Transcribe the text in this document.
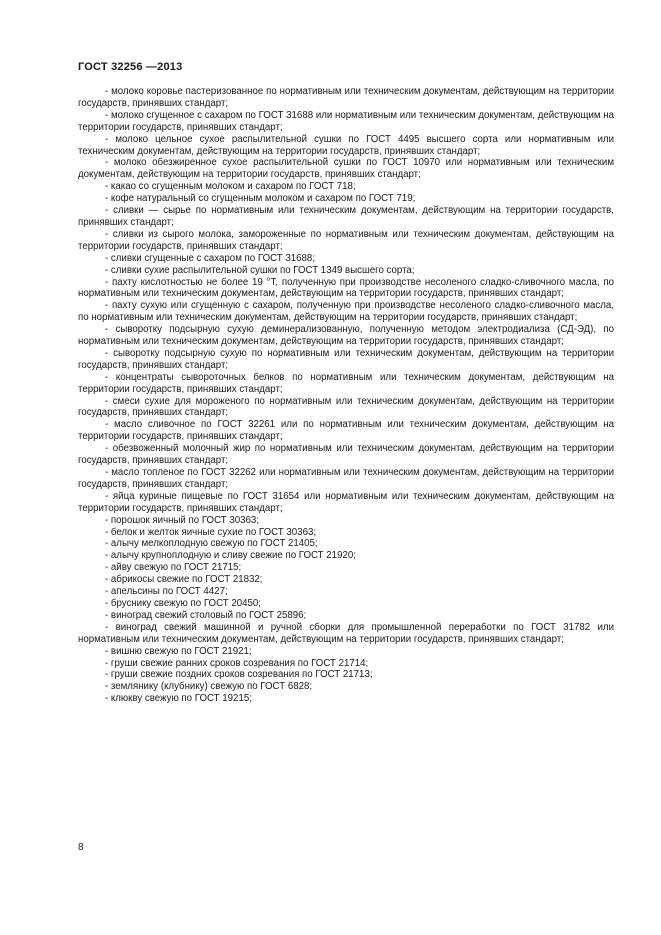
ГОСТ 32256 —2013

- молоко коровье пастеризованное по нормативным или техническим документам, действующим на территории государств, принявших стандарт;

- молоко сгущенное с сахаром по ГОСТ 31688 или нормативным или техническим документам, действующим на территории государств, принявших стандарт;

- молоко цельное сухое распылительной сушки по ГОСТ 4495 высшего сорта или нормативным или техническим документам, действующим на территории государств, принявших стандарт;

- молоко обезжиренное сухое распылительной сушки по ГОСТ 10970 или нормативным или техническим документам, действующим на территории государств, принявших стандарт;

- какао со сгущенным молоком и сахаром по ГОСТ 718;

- кофе натуральный со сгущенным молоком и сахаром по ГОСТ 719;

- сливки — сырье по нормативным или техническим документам, действующим на территории государств, принявших стандарт;

- сливки из сырого молока, замороженные по нормативным или техническим документам, действующим на территории государств, принявших стандарт;

- сливки сгущенные с сахаром по ГОСТ 31688;

- сливки сухие распылительной сушки по ГОСТ 1349 высшего сорта;

- пахту кислотностью не более 19 °Т, полученную при производстве несоленого сладко-сливочного масла, по нормативным или техническим документам, действующим на территории государств, принявших стандарт;

- пахту сухую или сгущенную с сахаром, полученную при производстве несоленого сладко-сливочного масла, по нормативным или техническим документам, действующим на территории государств, принявших стандарт;

- сыворотку подсырную сухую деминерализованную, полученную методом электродиализа (СД-ЭД), по нормативным или техническим документам, действующим на территории государств, принявших стандарт;

- сыворотку подсырную сухую по нормативным или техническим документам, действующим на территории государств, принявших стандарт;

- концентраты сывороточных белков по нормативным или техническим документам, действующим на территории государств, принявших стандарт;

- смеси сухие для мороженого по нормативным или техническим документам, действующим на территории государств, принявших стандарт;

- масло сливочное по ГОСТ 32261 или по нормативным или техническим документам, действующим на территории государств, принявших стандарт;

- обезвоженный молочный жир по нормативным или техническим документам, действующим на территории государств, принявших стандарт;

- масло топленое по ГОСТ 32262 или нормативным или техническим документам, действующим на территории государств, принявших стандарт;

- яйца куриные пищевые по ГОСТ 31654 или нормативным или техническим документам, действующим на территории государств, принявших стандарт;

- порошок яичный по ГОСТ 30363;

- белок и желток яичные сухие по ГОСТ 30363;

- алычу мелкоплодную свежую по ГОСТ 21405;

- алычу крупноплодную и сливу свежие по ГОСТ 21920;

- айву свежую по ГОСТ 21715;

- абрикосы свежие по ГОСТ 21832;

- апельсины по ГОСТ 4427;

- бруснику свежую по ГОСТ 20450;

- виноград свежий столовый по ГОСТ 25896;

- виноград свежий машинной и ручной сборки для промышленной переработки по ГОСТ 31782 или нормативным или техническим документам, действующим на территории государств, принявших стандарт;

- вишню свежую по ГОСТ 21921;

- груши свежие ранних сроков созревания по ГОСТ 21714;

- груши свежие поздних сроков созревания по ГОСТ 21713;

- землянику (клубнику) свежую по ГОСТ 6828;

- клюкву свежую по ГОСТ 19215;

8
